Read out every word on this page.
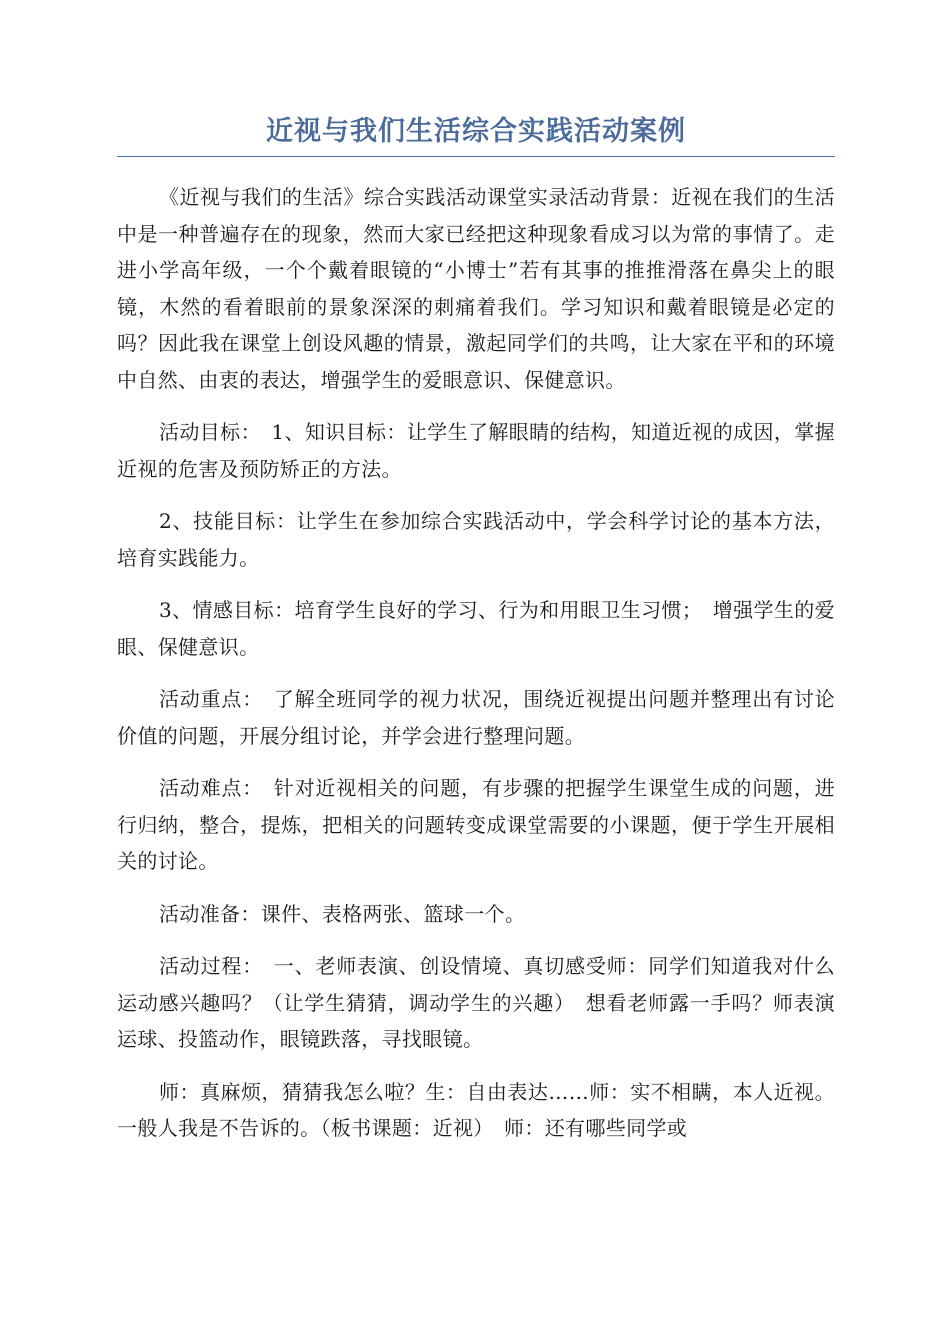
近视与我们生活综合实践活动案例

《近视与我们的生活》综合实践活动课堂实录活动背景：近视在我们的生活中是一种普遍存在的现象，然而大家已经把这种现象看成习以为常的事情了。走进小学高年级，一个个戴着眼镜的“小博士”若有其事的推推滑落在鼻尖上的眼镜，木然的看着眼前的景象深深的刺痛着我们。学习知识和戴着眼镜是必定的吗？因此我在课堂上创设风趣的情景，激起同学们的共鸣，让大家在平和的环境中自然、由衷的表达，增强学生的爱眼意识、保健意识。

活动目标：　1、知识目标：让学生了解眼睛的结构，知道近视的成因，掌握近视的危害及预防矫正的方法。

2、技能目标：让学生在参加综合实践活动中，学会科学讨论的基本方法，培育实践能力。

3、情感目标：培育学生良好的学习、行为和用眼卫生习惯；　增强学生的爱眼、保健意识。

活动重点：　了解全班同学的视力状况，围绕近视提出问题并整理出有讨论价值的问题，开展分组讨论，并学会进行整理问题。

活动难点：　针对近视相关的问题，有步骤的把握学生课堂生成的问题，进行归纳，整合，提炼，把相关的问题转变成课堂需要的小课题，便于学生开展相关的讨论。

活动准备：课件、表格两张、篮球一个。

活动过程：　一、老师表演、创设情境、真切感受师：同学们知道我对什么运动感兴趣吗？（让学生猜猜，调动学生的兴趣）　想看老师露一手吗？师表演运球、投篮动作，眼镜跌落，寻找眼镜。

师：真麻烦，猜猜我怎么啦？生：自由表达……师：实不相瞒，本人近视。一般人我是不告诉的。（板书课题：近视）　师：还有哪些同学或
